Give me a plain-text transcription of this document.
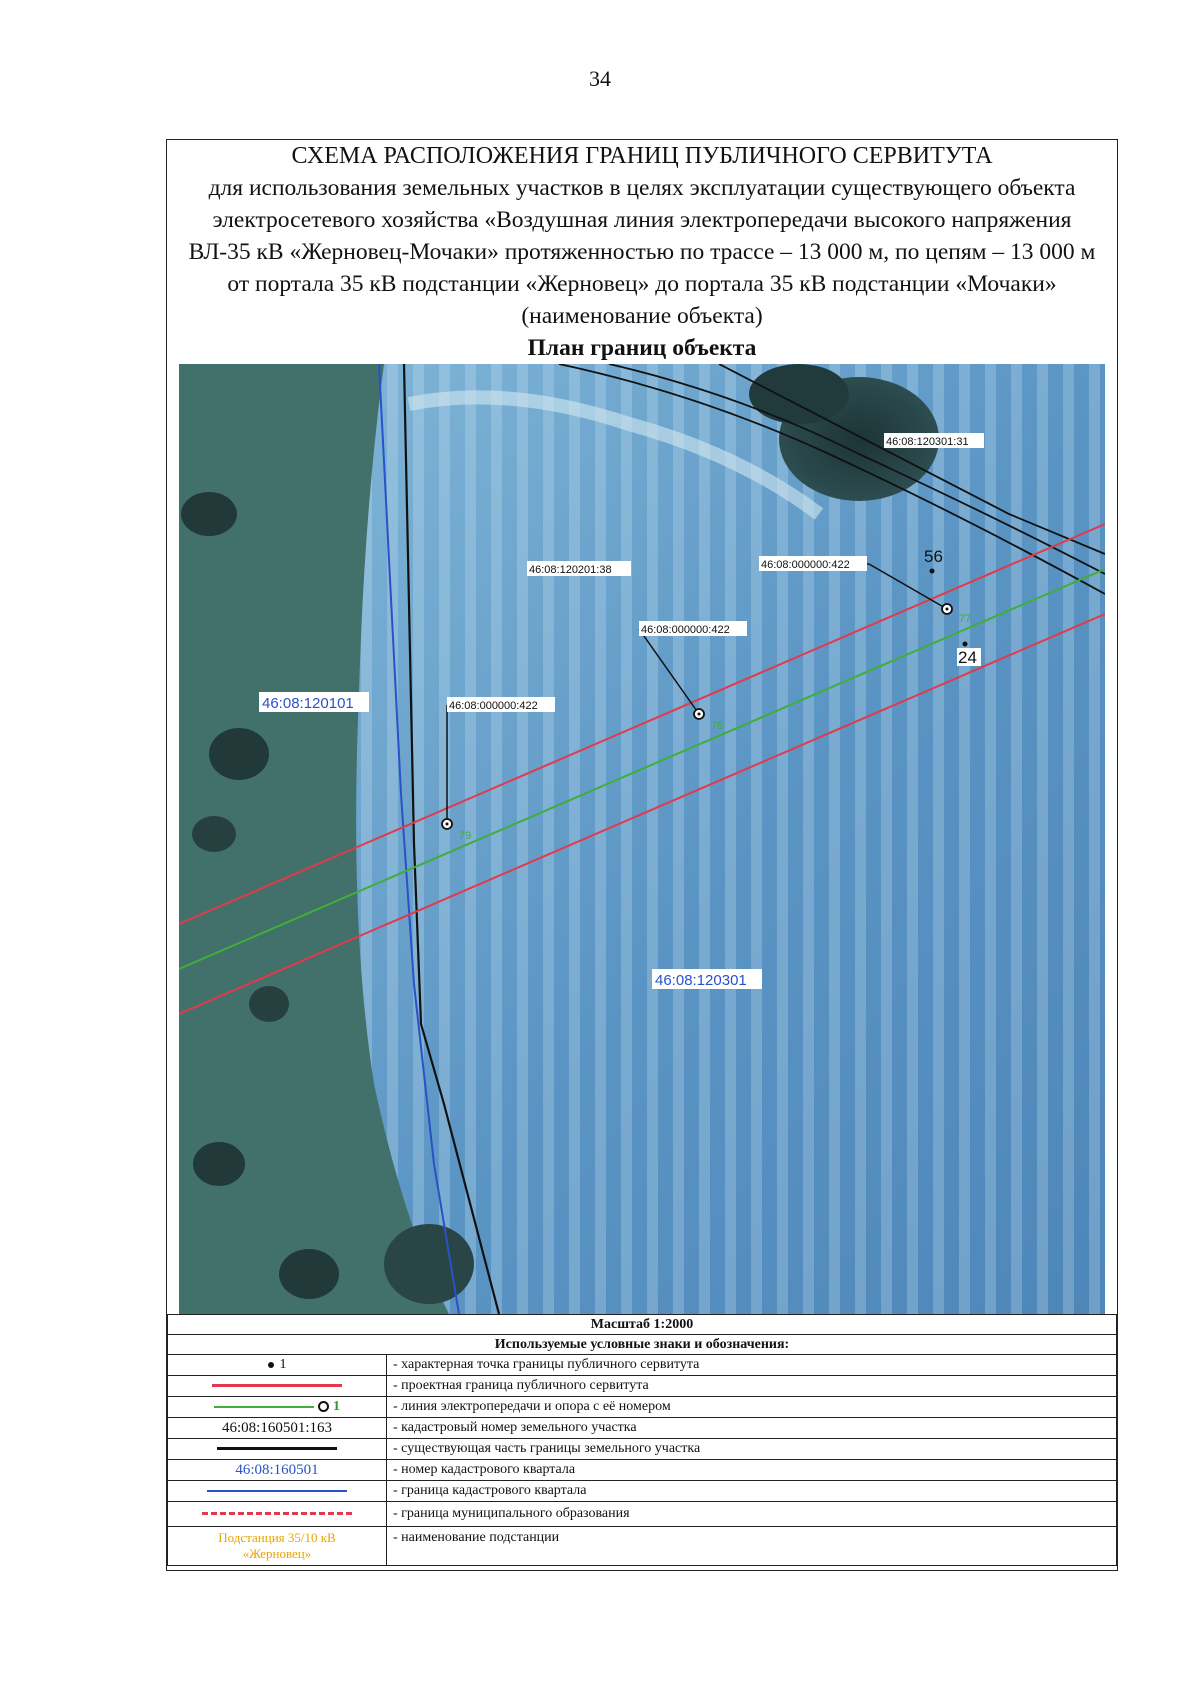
34
СХЕМА РАСПОЛОЖЕНИЯ ГРАНИЦ ПУБЛИЧНОГО СЕРВИТУТА
для использования земельных участков в целях эксплуатации существующего объекта
электросетевого хозяйства «Воздушная линия электропередачи высокого напряжения
ВЛ-35 кВ «Жерновец-Мочаки» протяженностью по трассе – 13 000 м, по цепям – 13 000 м
от портала 35 кВ подстанции «Жерновец» до портала 35 кВ подстанции «Мочаки»
(наименование объекта)
План границ объекта
77
78
79
56
24
46:08:120301:31
46:08:120201:38	46:08:000000:422
46:08:000000:422
46:08:000000:422
46:08:120101
46:08:120301
Масштаб 1:2000	
Используемые условные знаки и обозначения:	
1	- характерная точка границы публичного сервитута
	- проектная граница публичного сервитута
1	- линия электропередачи и опора с её номером
46:08:160501:163	- кадастровый номер земельного участка
	- существующая часть границы земельного участка
46:08:160501	- номер кадастрового квартала
	- граница кадастрового квартала
	- граница муниципального образования

Подстанция 35/10 кВ
«Жерновец»	- наименование подстанции
